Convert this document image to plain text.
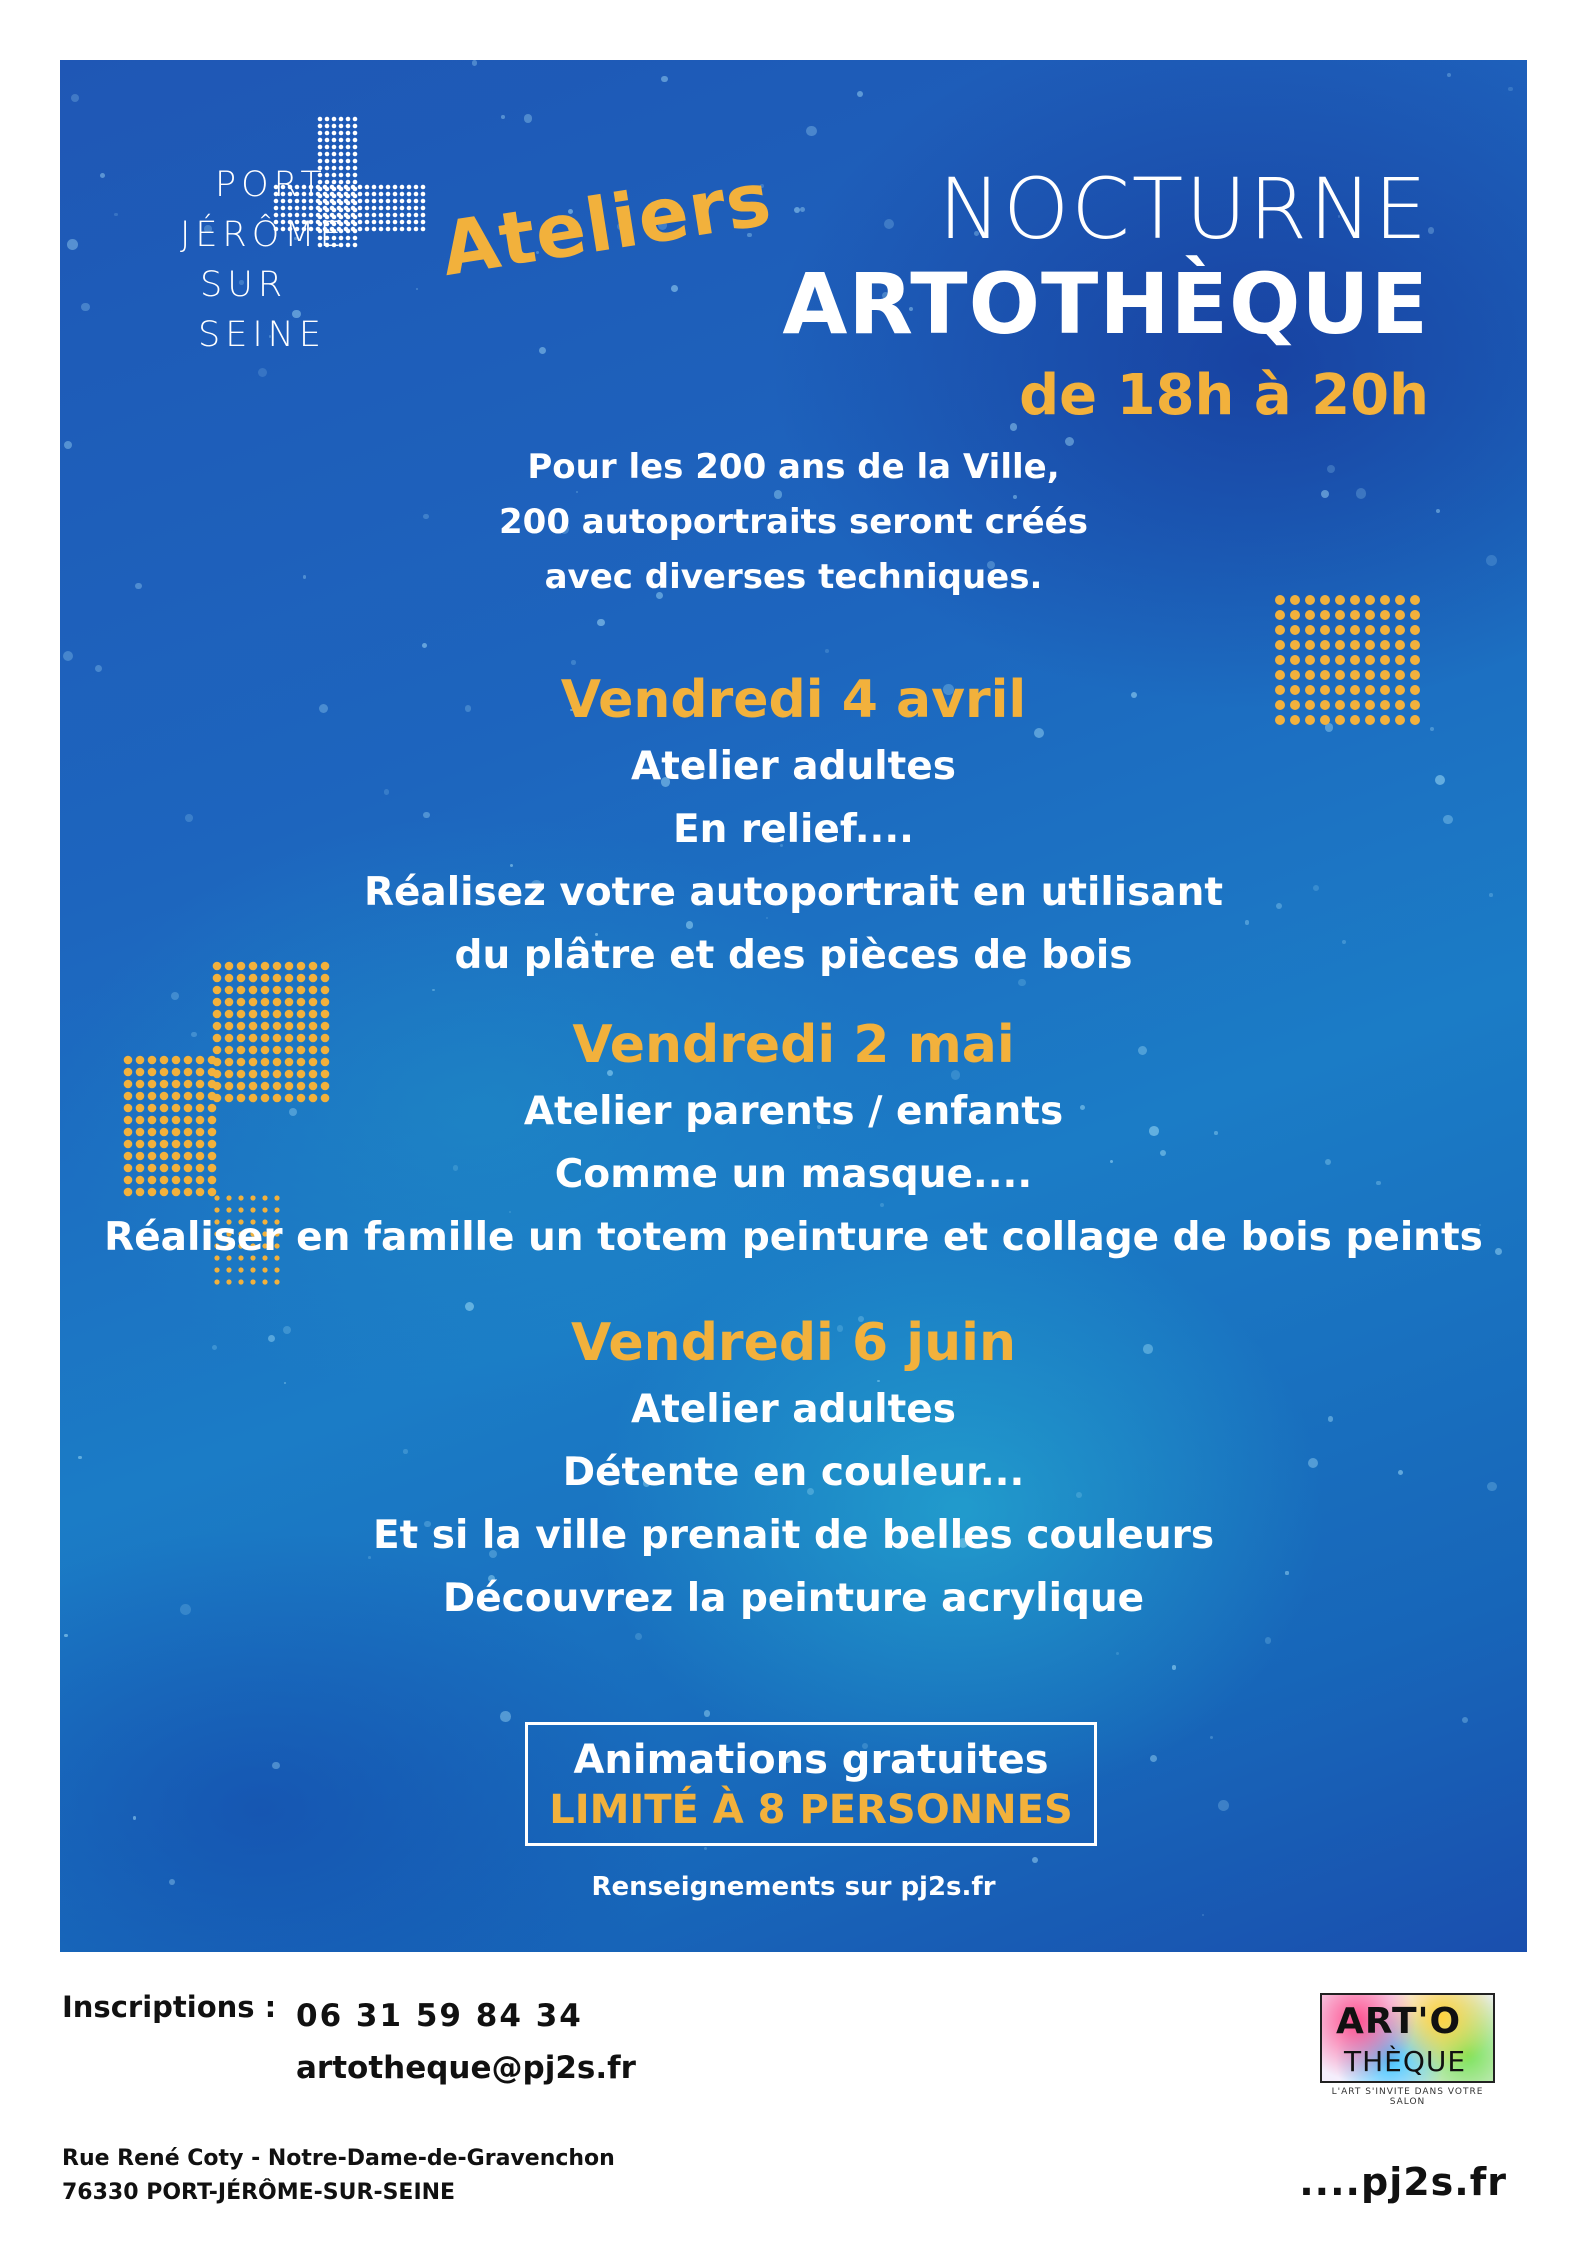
PORT
JÉRÔME
SUR
SEINE
Ateliers NOCTURNE
ARTOTHÈQUE
de 18h à 20h
Pour les 200 ans de la Ville,
200 autoportraits seront créés
avec diverses techniques.
Vendredi 4 avril
Atelier adultes
En relief....
Réalisez votre autoportrait en utilisant
du plâtre et des pièces de bois
Vendredi 2 mai
Atelier parents / enfants
Comme un masque....
Réaliser en famille un totem peinture et collage de bois peints
Vendredi 6 juin
Atelier adultes
Détente en couleur...
Et si la ville prenait de belles couleurs
Découvrez la peinture acrylique
Animations gratuites
LIMITÉ À 8 PERSONNES
Renseignements sur pj2s.fr
Inscriptions : 06 31 59 84 34
artotheque@pj2s.fr
Rue René Coty - Notre-Dame-de-Gravenchon
76330 PORT-JÉRÔME-SUR-SEINE	....pj2s.fr
ART'O
THÈQUE
L'ART S'INVITE DANS VOTRE SALON
